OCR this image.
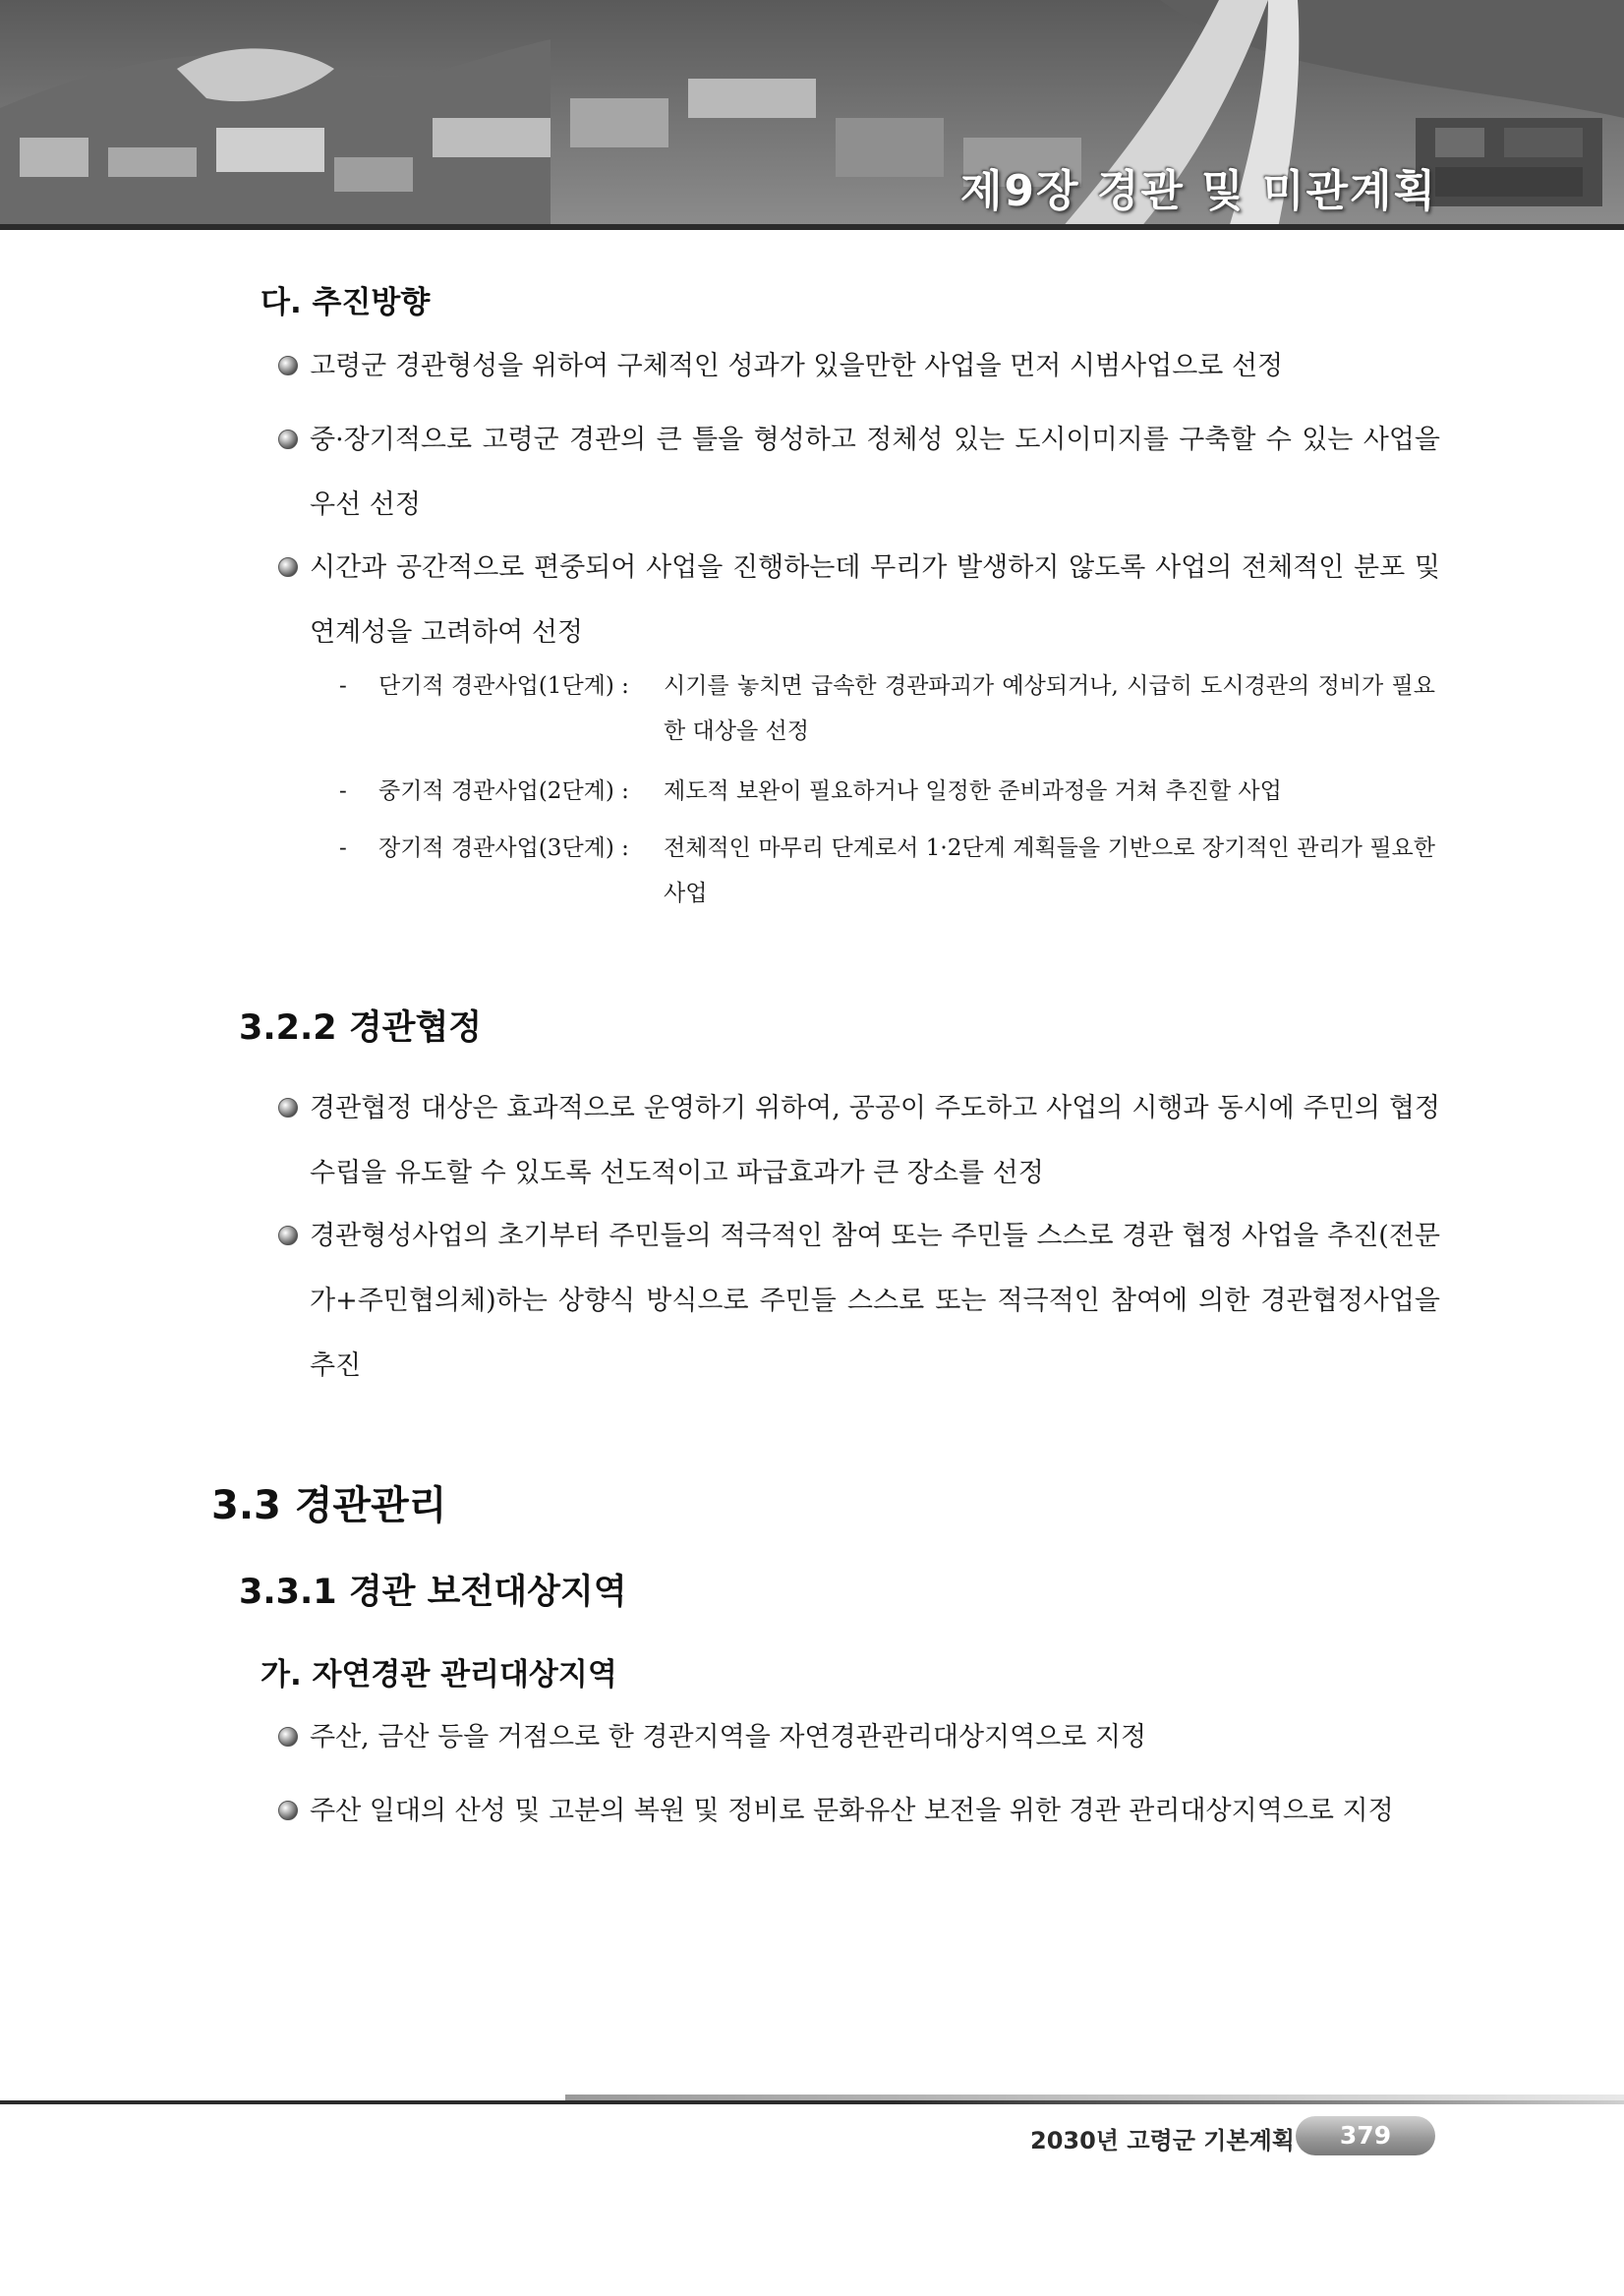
제9장 경관 및 미관계획
다. 추진방향
고령군 경관형성을 위하여 구체적인 성과가 있을만한 사업을 먼저 시범사업으로 선정
중·장기적으로 고령군 경관의 큰 틀을 형성하고 정체성 있는 도시이미지를 구축할 수 있는 사업을 우선 선정
시간과 공간적으로 편중되어 사업을 진행하는데 무리가 발생하지 않도록 사업의 전체적인 분포 및 연계성을 고려하여 선정
- 단기적 경관사업(1단계) : 시기를 놓치면 급속한 경관파괴가 예상되거나, 시급히 도시경관의 정비가 필요한 대상을 선정
- 중기적 경관사업(2단계) : 제도적 보완이 필요하거나 일정한 준비과정을 거쳐 추진할 사업
- 장기적 경관사업(3단계) : 전체적인 마무리 단계로서 1·2단계 계획들을 기반으로 장기적인 관리가 필요한 사업
3.2.2 경관협정
경관협정 대상은 효과적으로 운영하기 위하여, 공공이 주도하고 사업의 시행과 동시에 주민의 협정 수립을 유도할 수 있도록 선도적이고 파급효과가 큰 장소를 선정
경관형성사업의 초기부터 주민들의 적극적인 참여 또는 주민들 스스로 경관 협정 사업을 추진(전문가+주민협의체)하는 상향식 방식으로 주민들 스스로 또는 적극적인 참여에 의한 경관협정사업을 추진
3.3 경관관리
3.3.1 경관 보전대상지역
가. 자연경관 관리대상지역
주산, 금산 등을 거점으로 한 경관지역을 자연경관관리대상지역으로 지정
주산 일대의 산성 및 고분의 복원 및 정비로 문화유산 보전을 위한 경관 관리대상지역으로 지정
2030년 고령군 기본계획	379
